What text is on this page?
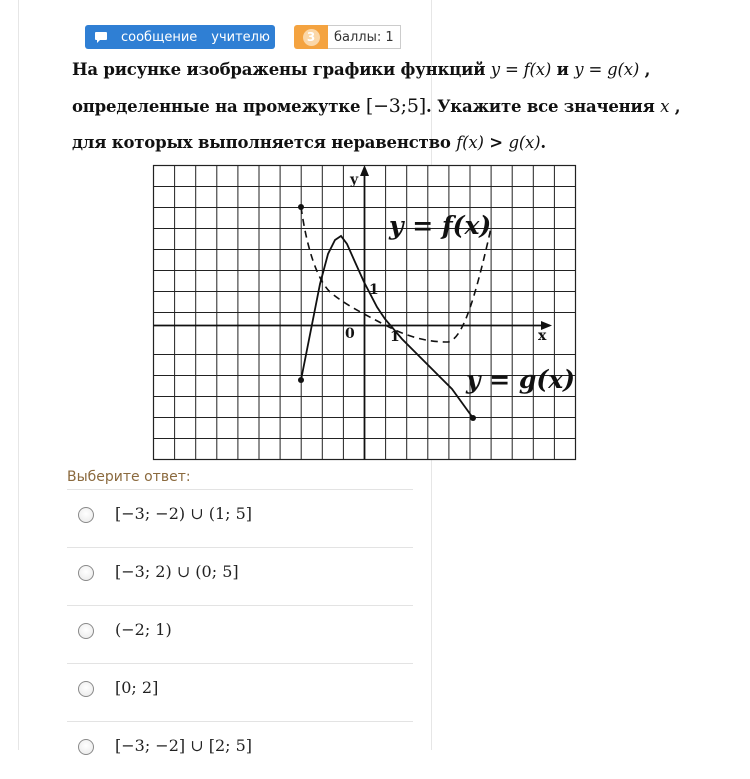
сообщение учителю	3	баллы: 1
На рисунке изображены графики функций y = f(x) и y = g(x) ,
определенные на промежутке [−3;5]. Укажите все значения x ,
для которых выполняется неравенство f(x) > g(x).
y
x
0
1
1
y = f(x)
y = g(x)
Выберите ответ:
[−3; −2) ∪ (1; 5]
[−3; 2) ∪ (0; 5]
(−2; 1)
[0; 2]
[−3; −2] ∪ [2; 5]
